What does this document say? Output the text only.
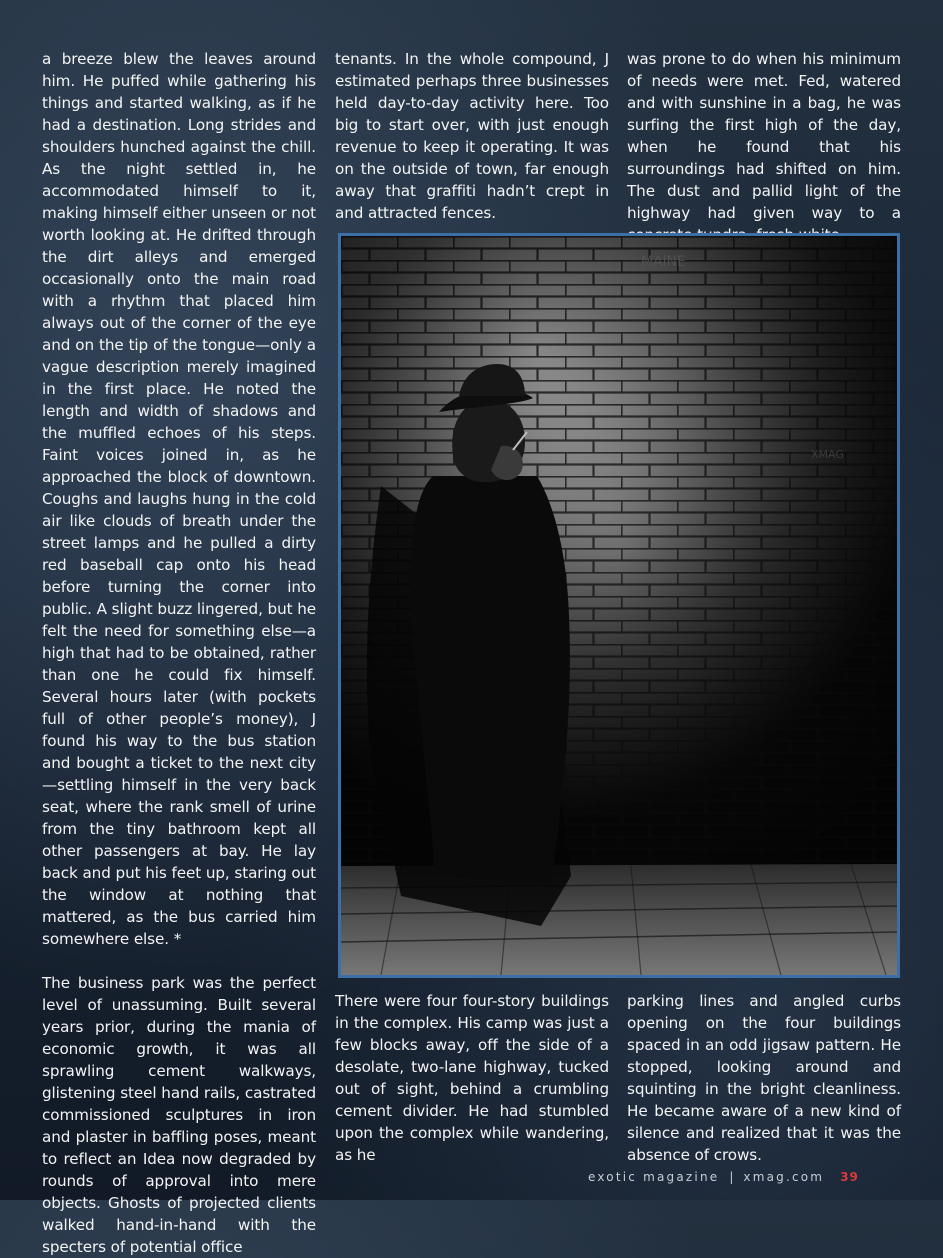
a breeze blew the leaves around him. He puffed while gathering his things and started walking, as if he had a destination. Long strides and shoulders hunched against the chill. As the night settled in, he accommodated himself to it, making himself either unseen or not worth looking at. He drifted through the dirt alleys and emerged occasionally onto the main road with a rhythm that placed him always out of the corner of the eye and on the tip of the tongue—only a vague description merely imagined in the first place. He noted the length and width of shadows and the muffled echoes of his steps. Faint voices joined in, as he approached the block of downtown. Coughs and laughs hung in the cold air like clouds of breath under the street lamps and he pulled a dirty red baseball cap onto his head before turning the corner into public. A slight buzz lingered, but he felt the need for something else—a high that had to be obtained, rather than one he could fix himself. Several hours later (with pockets full of other people’s money), J found his way to the bus station and bought a ticket to the next city—settling himself in the very back seat, where the rank smell of urine from the tiny bathroom kept all other passengers at bay. He lay back and put his feet up, staring out the window at nothing that mattered, as the bus carried him somewhere else. *

The business park was the perfect level of unassuming. Built several years prior, during the mania of economic growth, it was all sprawling cement walkways, glistening steel hand rails, castrated commissioned sculptures in iron and plaster in baffling poses, meant to reflect an Idea now degraded by rounds of approval into mere objects. Ghosts of projected clients walked hand-in-hand with the specters of potential office

tenants. In the whole compound, J estimated perhaps three businesses held day-to-day activity here. Too big to start over, with just enough revenue to keep it operating. It was on the outside of town, far enough away that graffiti hadn’t crept in and attracted fences.

was prone to do when his minimum of needs were met. Fed, watered and with sunshine in a bag, he was surfing the first high of the day, when he found that his surroundings had shifted on him. The dust and pallid light of the highway had given way to a

MAlNE
XMAG

There were four four-story buildings in the complex. His camp was just a few blocks away, off the side of a desolate, two-lane highway, tucked out of sight, behind a crumbling cement divider. He had stumbled upon the complex while wandering, as he

parking lines and angled curbs opening on the four buildings spaced in an odd jigsaw pattern. He stopped, looking around and squinting in the bright cleanliness. He became aware of a new kind of silence and realized that it was the absence of crows.

exotic magazine | xmag.com 39
